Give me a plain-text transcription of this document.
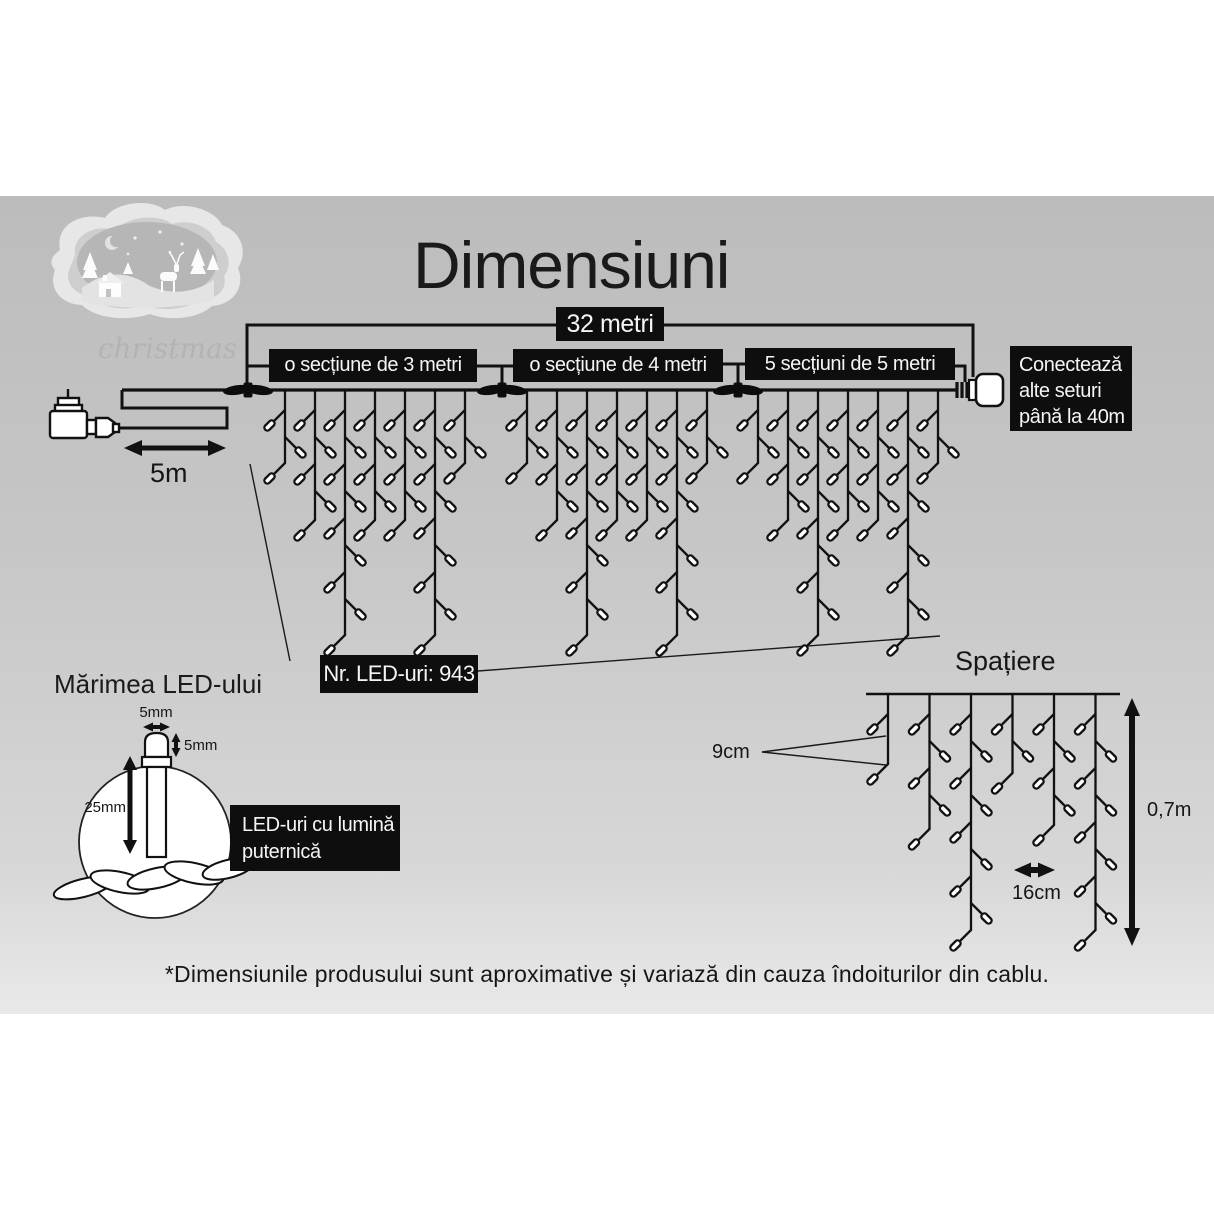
Dimensiuni
32 metri
o secțiune de 3 metri	o secțiune de 4 metri	5 secțiuni de 5 metri	Conectează
alte seturi
până la 40m
Nr. LED-uri: 943
LED-uri cu lumină
puternică
5m
Mărimea LED-ului
5mm
5mm
25mm
Spațiere
9cm
16cm
0,7m
*Dimensiunile produsului sunt aproximative și variază din cauza îndoiturilor din cablu.
FLIPPY.
christmas
